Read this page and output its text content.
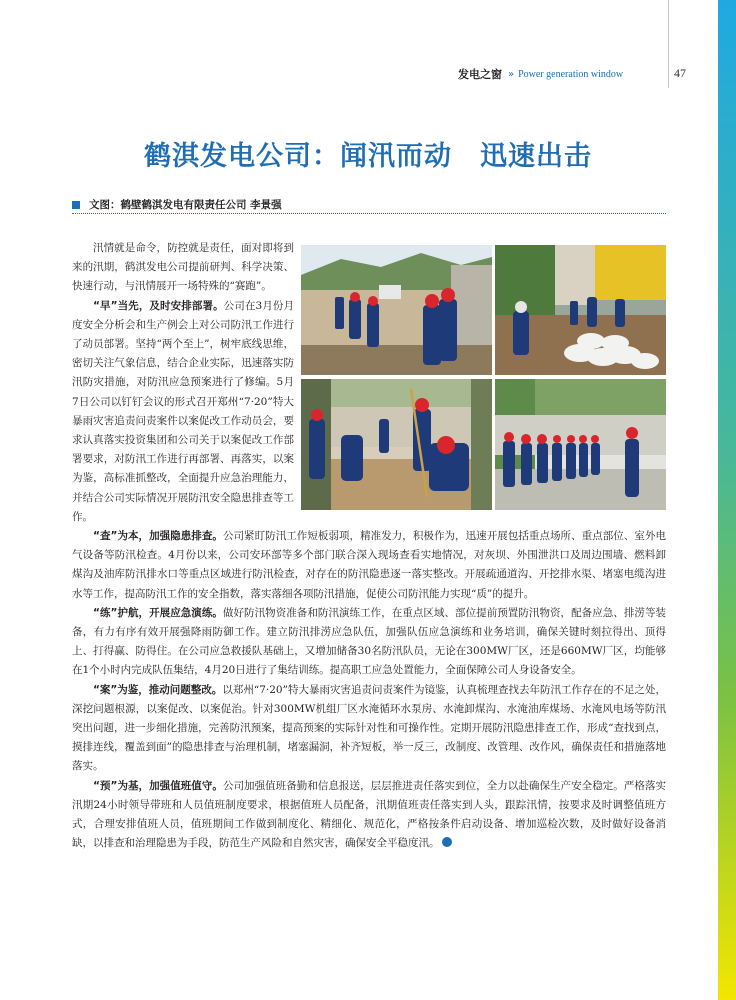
发电之窗 » Power generation window	47
鹤淇发电公司：闻汛而动　迅速出击
文图：鹤壁鹤淇发电有限责任公司 李景强

汛情就是命令，防控就是责任，面对即将到来的汛期，鹤淇发电公司提前研判、科学决策、快速行动，与汛情展开一场特殊的“赛跑”。

“早”当先，及时安排部署。公司在3月份月度安全分析会和生产例会上对公司防汛工作进行了动员部署。坚持“两个至上”，树牢底线思维，密切关注气象信息，结合企业实际，迅速落实防汛防灾措施，对防汛应急预案进行了修编。5月7日公司以钉钉会议的形式召开郑州“7·20”特大暴雨灾害追责问责案件以案促改工作动员会，要求认真落实投资集团和公司关于以案促改工作部署要求，对防汛工作进行再部署、再落实，以案为鉴，高标准抓整改，全面提升应急治理能力，并结合公司实际情况开展防汛安全隐患排查等工作。

“查”为本，加强隐患排查。公司紧盯防汛工作短板弱项，精准发力，积极作为，迅速开展包括重点场所、重点部位、室外电气设备等防汛检查。4月份以来，公司安环部等多个部门联合深入现场查看实地情况，对灰坝、外围泄洪口及周边围墙、燃料卸煤沟及油库防汛排水口等重点区域进行防汛检查，对存在的防汛隐患逐一落实整改。开展疏通道沟、开挖排水渠、堵塞电缆沟进水等工作，提高防汛工作的安全指数，落实落细各项防汛措施，促使公司防汛能力实现“质”的提升。

“练”护航，开展应急演练。做好防汛物资准备和防汛演练工作，在重点区域、部位提前预置防汛物资，配备应急、排涝等装备，有力有序有效开展强降雨防御工作。建立防汛排涝应急队伍，加强队伍应急演练和业务培训，确保关键时刻拉得出、顶得上、打得赢、防得住。在公司应急救援队基础上，又增加储备30名防汛队员，无论在300MW厂区，还是660MW厂区，均能够在1个小时内完成队伍集结，4月20日进行了集结训练。提高职工应急处置能力，全面保障公司人身设备安全。

“案”为鉴，推动问题整改。以郑州“7·20”特大暴雨灾害追责问责案件为镜鉴，认真梳理查找去年防汛工作存在的不足之处，深挖问题根源，以案促改、以案促治。针对300MW机组厂区水淹循环水泵房、水淹卸煤沟、水淹油库煤场、水淹风电场等防汛突出问题，进一步细化措施，完善防汛预案，提高预案的实际针对性和可操作性。定期开展防汛隐患排查工作，形成“查找到点，摸排连线，覆盖到面”的隐患排查与治理机制，堵塞漏洞，补齐短板，举一反三，改制度、改管理、改作风，确保责任和措施落地落实。

“预”为基，加强值班值守。公司加强值班备勤和信息报送，层层推进责任落实到位，全力以赴确保生产安全稳定。严格落实汛期24小时领导带班和人员值班制度要求，根据值班人员配备，汛期值班责任落实到人头，跟踪汛情，按要求及时调整值班方式，合理安排值班人员，值班期间工作做到制度化、精细化、规范化，严格按条件启动设备、增加巡检次数，及时做好设备消缺，以排查和治理隐患为手段，防范生产风险和自然灾害，确保安全平稳度汛。
